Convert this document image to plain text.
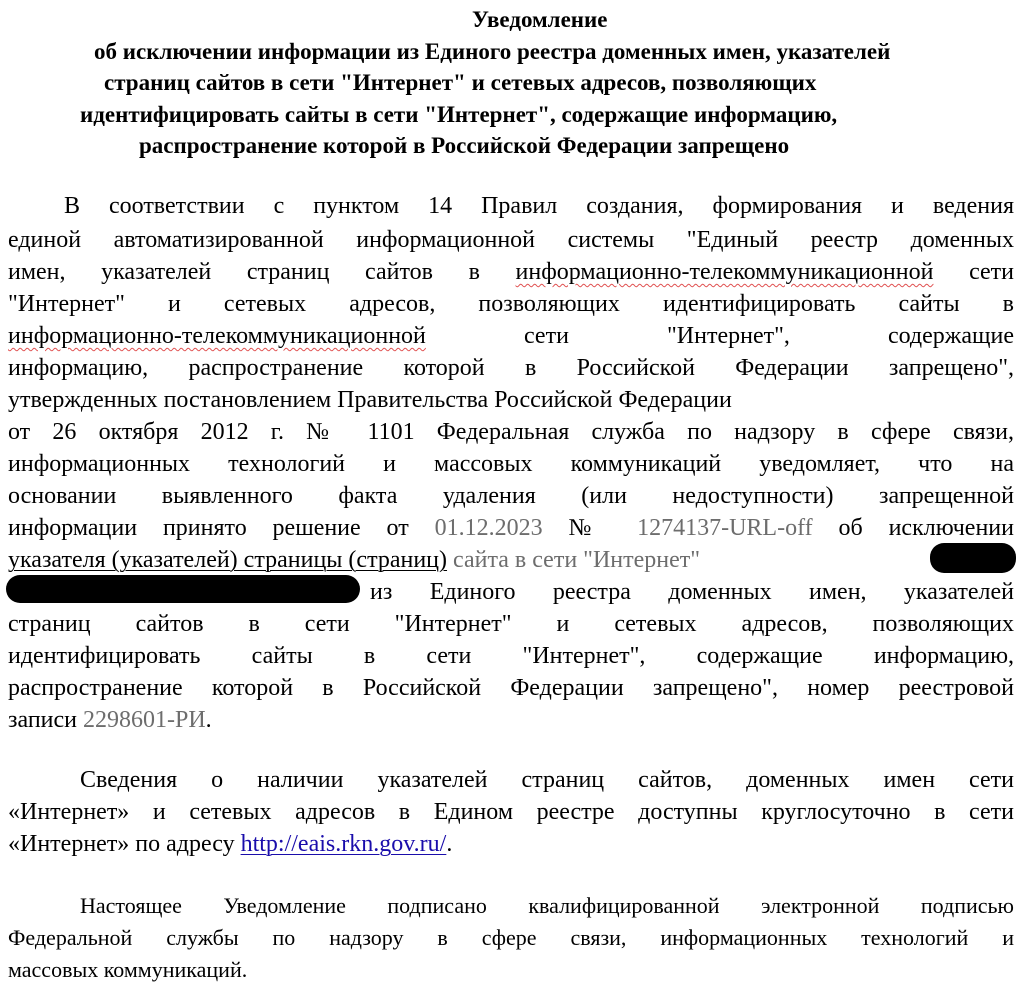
Уведомление
об исключении информации из Единого реестра доменных имен, указателей
страниц сайтов в сети "Интернет" и сетевых адресов, позволяющих
идентифицировать сайты в сети "Интернет", содержащие информацию,
распространение которой в Российской Федерации запрещено
В соответствии с пунктом 14 Правил создания, формирования и ведения
единой автоматизированной информационной системы "Единый реестр доменных
имен, указателей страниц сайтов в информационно-телекоммуникационной сети
"Интернет" и сетевых адресов, позволяющих идентифицировать сайты в
информационно-телекоммуникационной сети "Интернет", содержащие
информацию, распространение которой в Российской Федерации запрещено",
утвержденных постановлением Правительства Российской Федерации
от 26 октября 2012 г. № 1101 Федеральная служба по надзору в сфере связи,
информационных технологий и массовых коммуникаций уведомляет, что на
основании выявленного факта удаления (или недоступности) запрещенной
информации принято решение от 01.12.2023 № 1274137-URL-off об исключении
указателя (указателей) страницы (страниц) сайта в сети "Интернет"
из Единого реестра доменных имен, указателей
страниц сайтов в сети "Интернет" и сетевых адресов, позволяющих
идентифицировать сайты в сети "Интернет", содержащие информацию,
распространение которой в Российской Федерации запрещено", номер реестровой
записи 2298601-РИ.
Сведения о наличии указателей страниц сайтов, доменных имен сети
«Интернет» и сетевых адресов в Едином реестре доступны круглосуточно в сети
«Интернет» по адресу http://eais.rkn.gov.ru/.
Настоящее Уведомление подписано квалифицированной электронной подписью
Федеральной службы по надзору в сфере связи, информационных технологий и
массовых коммуникаций.
